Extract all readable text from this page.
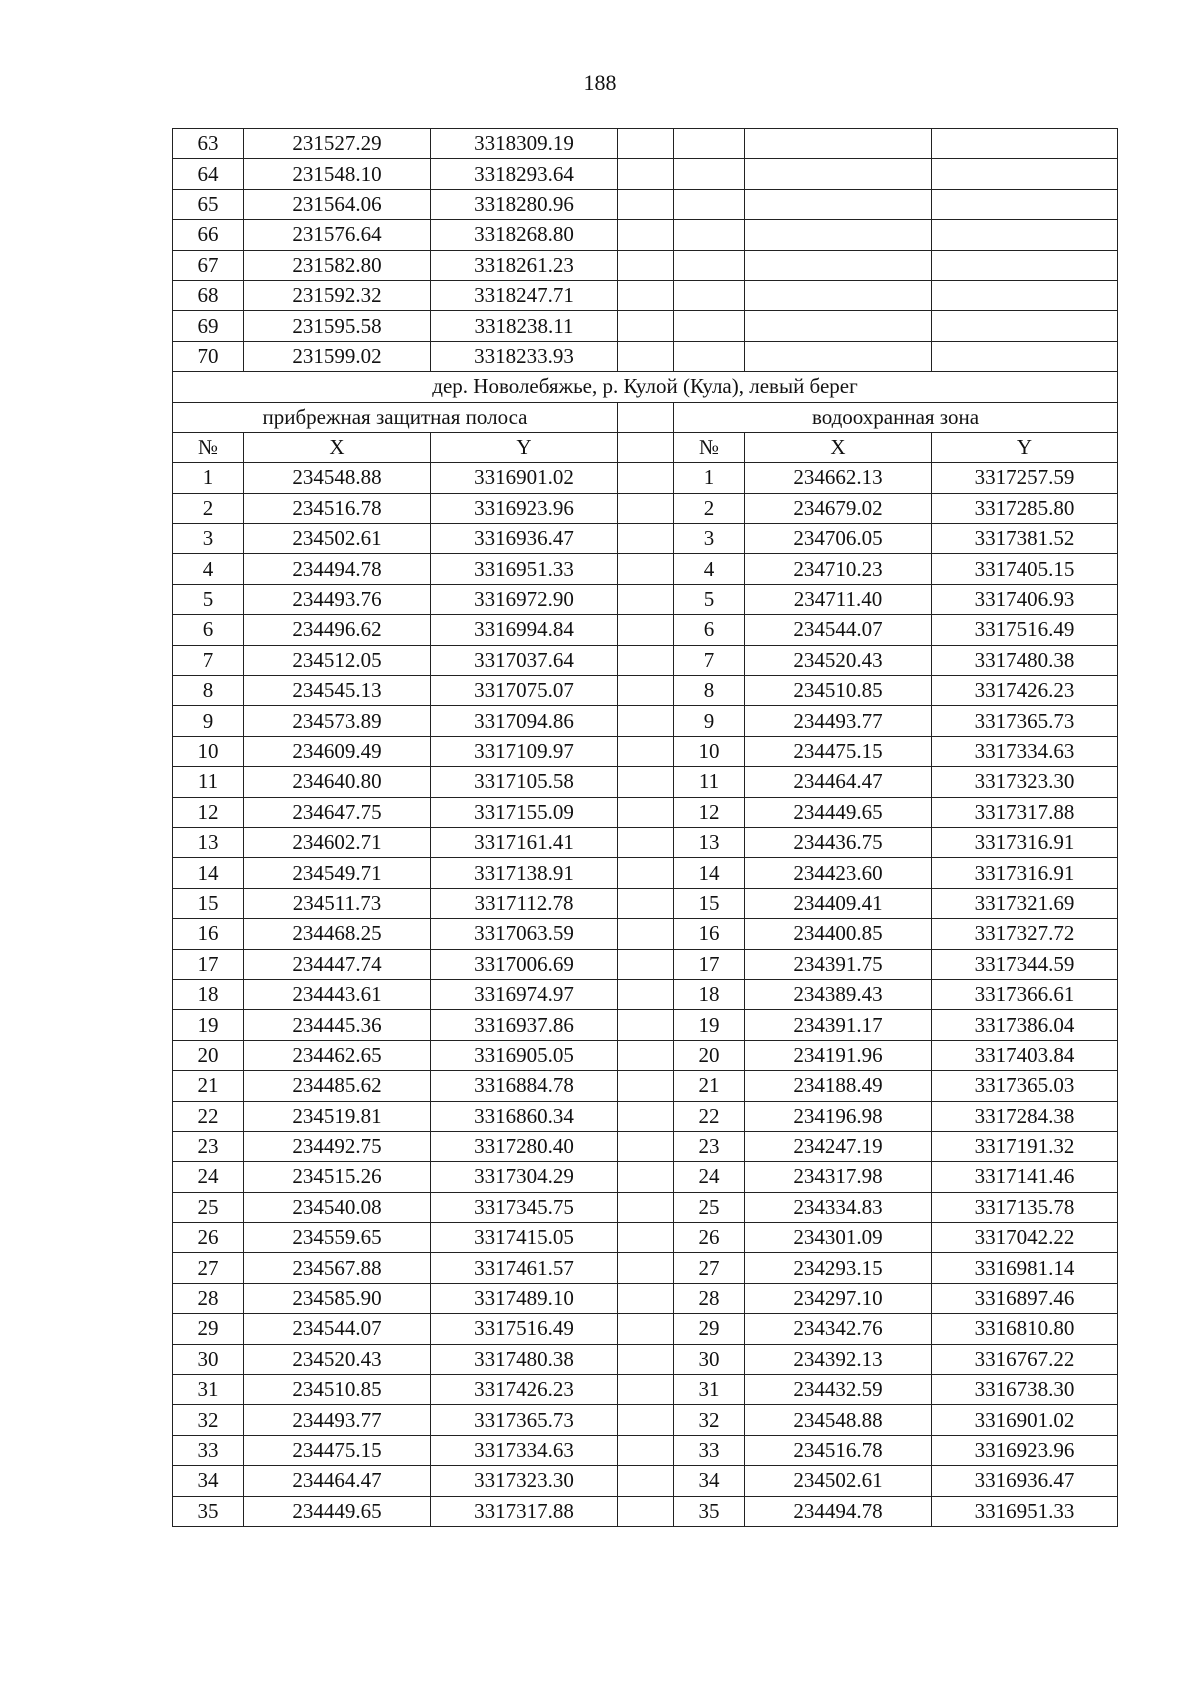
188
63	231527.29	3318309.19				
64	231548.10	3318293.64				
65	231564.06	3318280.96				
66	231576.64	3318268.80				
67	231582.80	3318261.23				
68	231592.32	3318247.71				
69	231595.58	3318238.11				
70	231599.02	3318233.93				
дер. Новолебяжье, р. Кулой (Кула), левый берег						
прибрежная защитная полоса				водоохранная зона		
№	X	Y		№	X	Y
1	234548.88	3316901.02		1	234662.13	3317257.59
2	234516.78	3316923.96		2	234679.02	3317285.80
3	234502.61	3316936.47		3	234706.05	3317381.52
4	234494.78	3316951.33		4	234710.23	3317405.15
5	234493.76	3316972.90		5	234711.40	3317406.93
6	234496.62	3316994.84		6	234544.07	3317516.49
7	234512.05	3317037.64		7	234520.43	3317480.38
8	234545.13	3317075.07		8	234510.85	3317426.23
9	234573.89	3317094.86		9	234493.77	3317365.73
10	234609.49	3317109.97		10	234475.15	3317334.63
11	234640.80	3317105.58		11	234464.47	3317323.30
12	234647.75	3317155.09		12	234449.65	3317317.88
13	234602.71	3317161.41		13	234436.75	3317316.91
14	234549.71	3317138.91		14	234423.60	3317316.91
15	234511.73	3317112.78		15	234409.41	3317321.69
16	234468.25	3317063.59		16	234400.85	3317327.72
17	234447.74	3317006.69		17	234391.75	3317344.59
18	234443.61	3316974.97		18	234389.43	3317366.61
19	234445.36	3316937.86		19	234391.17	3317386.04
20	234462.65	3316905.05		20	234191.96	3317403.84
21	234485.62	3316884.78		21	234188.49	3317365.03
22	234519.81	3316860.34		22	234196.98	3317284.38
23	234492.75	3317280.40		23	234247.19	3317191.32
24	234515.26	3317304.29		24	234317.98	3317141.46
25	234540.08	3317345.75		25	234334.83	3317135.78
26	234559.65	3317415.05		26	234301.09	3317042.22
27	234567.88	3317461.57		27	234293.15	3316981.14
28	234585.90	3317489.10		28	234297.10	3316897.46
29	234544.07	3317516.49		29	234342.76	3316810.80
30	234520.43	3317480.38		30	234392.13	3316767.22
31	234510.85	3317426.23		31	234432.59	3316738.30
32	234493.77	3317365.73		32	234548.88	3316901.02
33	234475.15	3317334.63		33	234516.78	3316923.96
34	234464.47	3317323.30		34	234502.61	3316936.47
35	234449.65	3317317.88		35	234494.78	3316951.33
